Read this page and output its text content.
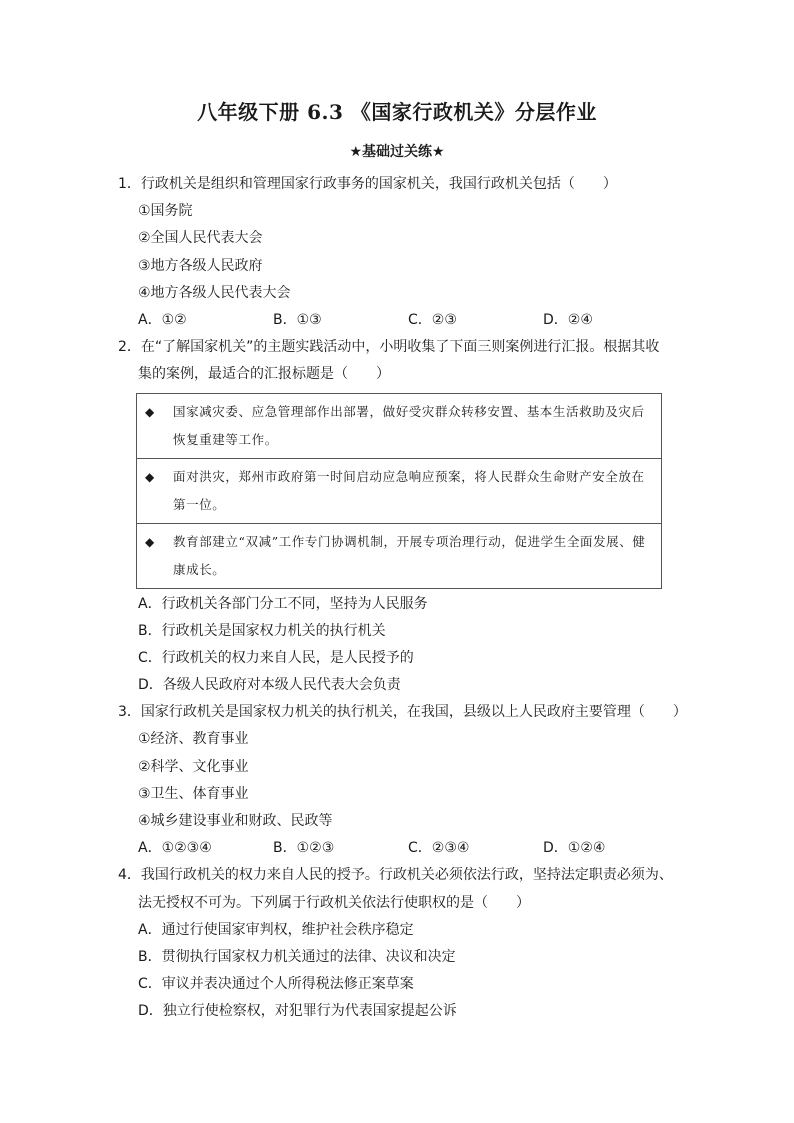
八年级下册 6.3 《国家行政机关》分层作业
★基础过关练★
1．行政机关是组织和管理国家行政事务的国家机关，我国行政机关包括（　　）
①国务院
②全国人民代表大会
③地方各级人民政府
④地方各级人民代表大会
A．①②	B．①③	C．②③	D．②④
2．在“了解国家机关”的主题实践活动中，小明收集了下面三则案例进行汇报。根据其收
集的案例，最适合的汇报标题是（　　）
◆	国家减灾委、应急管理部作出部署，做好受灾群众转移安置、基本生活救助及灾后恢复重建等工作。
◆	面对洪灾，郑州市政府第一时间启动应急响应预案，将人民群众生命财产安全放在第一位。
◆	教育部建立“双减”工作专门协调机制，开展专项治理行动，促进学生全面发展、健康成长。
A．行政机关各部门分工不同，坚持为人民服务
B．行政机关是国家权力机关的执行机关
C．行政机关的权力来自人民，是人民授予的
D．各级人民政府对本级人民代表大会负责
3．国家行政机关是国家权力机关的执行机关，在我国，县级以上人民政府主要管理（　　）
①经济、教育事业
②科学、文化事业
③卫生、体育事业
④城乡建设事业和财政、民政等
A．①②③④	B．①②③	C．②③④	D．①②④
4．我国行政机关的权力来自人民的授予。行政机关必须依法行政，坚持法定职责必须为、
法无授权不可为。下列属于行政机关依法行使职权的是（　　）
A．通过行使国家审判权，维护社会秩序稳定
B．贯彻执行国家权力机关通过的法律、决议和决定
C．审议并表决通过个人所得税法修正案草案
D．独立行使检察权，对犯罪行为代表国家提起公诉
